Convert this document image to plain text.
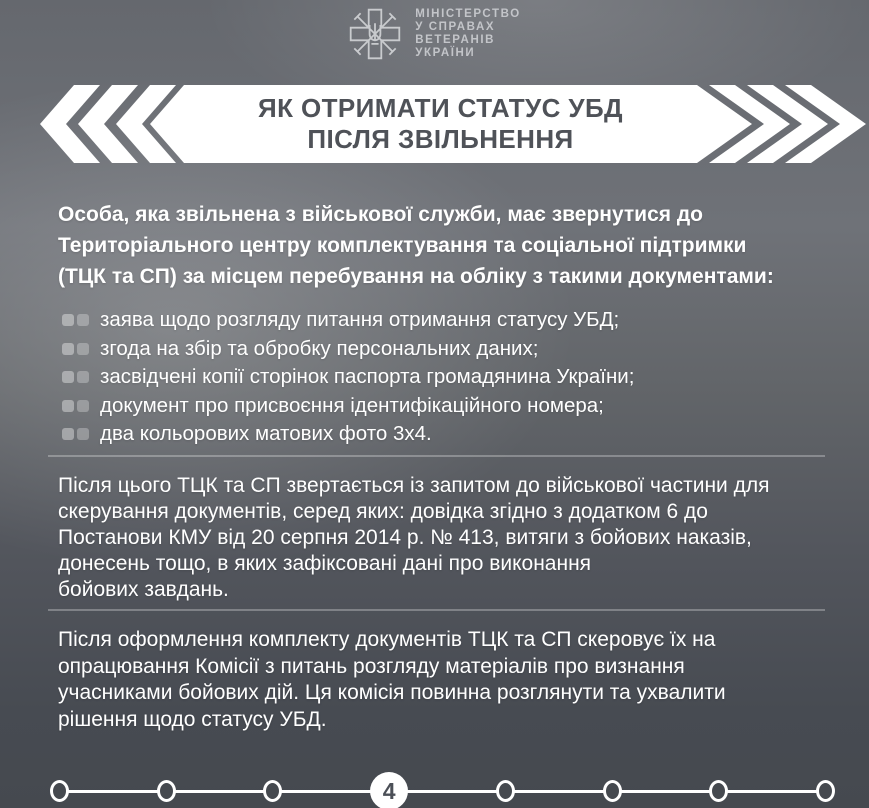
МІНІСТЕРСТВО
У СПРАВАХ
ВЕТЕРАНІВ
УКРАЇНИ
ЯК ОТРИМАТИ СТАТУС УБД
ПІСЛЯ ЗВІЛЬНЕННЯ
Особа, яка звільнена з військової служби, має звернутися до
Територіального центру комплектування та соціальної підтримки
(ТЦК та СП) за місцем перебування на обліку з такими документами:
заява щодо розгляду питання отримання статусу УБД;
згода на збір та обробку персональних даних;
засвідчені копії сторінок паспорта громадянина України;
документ про присвоєння ідентифікаційного номера;
два кольорових матових фото 3х4.
Після цього ТЦК та СП звертається із запитом до військової частини для
скерування документів, серед яких: довідка згідно з додатком 6 до
Постанови КМУ від 20 серпня 2014 р. № 413, витяги з бойових наказів,
донесень тощо, в яких зафіксовані дані про виконання
бойових завдань.
Після оформлення комплекту документів ТЦК та СП скеровує їх на
опрацювання Комісії з питань розгляду матеріалів про визнання
учасниками бойових дій. Ця комісія повинна розглянути та ухвалити
рішення щодо статусу УБД.
4
